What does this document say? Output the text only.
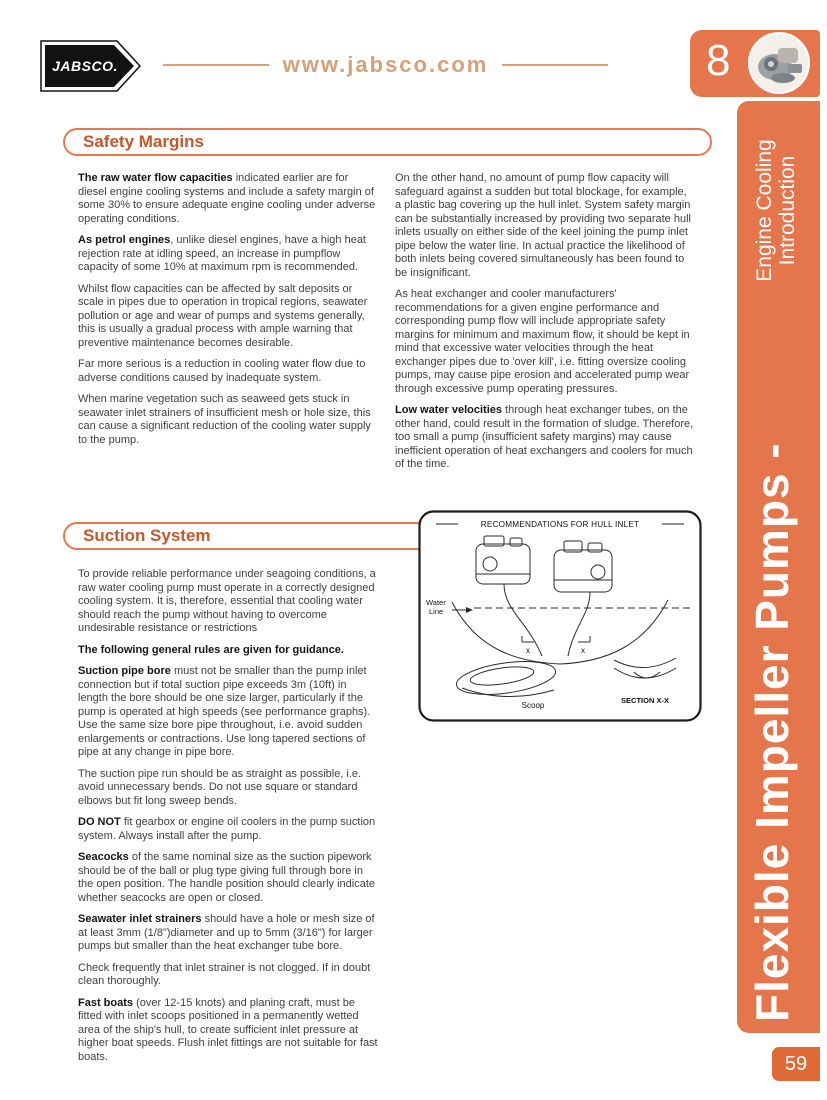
JABSCO.	www.jabsco.com	8
Engine Cooling Introduction
Flexible Impeller Pumps -
59
Safety Margins

The raw water flow capacities indicated earlier are for diesel engine cooling systems and include a safety margin of some 30% to ensure adequate engine cooling under adverse operating conditions.

As petrol engines, unlike diesel engines, have a high heat rejection rate at idling speed, an increase in pumpflow capacity of some 10% at maximum rpm is recommended.

Whilst flow capacities can be affected by salt deposits or scale in pipes due to operation in tropical regions, seawater pollution or age and wear of pumps and systems generally, this is usually a gradual process with ample warning that preventive maintenance becomes desirable.

Far more serious is a reduction in cooling water flow due to adverse conditions caused by inadequate system.

When marine vegetation such as seaweed gets stuck in seawater inlet strainers of insufficient mesh or hole size, this can cause a significant reduction of the cooling water supply to the pump.

On the other hand, no amount of pump flow capacity will safeguard against a sudden but total blockage, for example, a plastic bag covering up the hull inlet. System safety margin can be substantially increased by providing two separate hull inlets usually on either side of the keel joining the pump inlet pipe below the water line. In actual practice the likelihood of both inlets being covered simultaneously has been found to be insignificant.

As heat exchanger and cooler manufacturers' recommendations for a given engine performance and corresponding pump flow will include appropriate safety margins for minimum and maximum flow, it should be kept in mind that excessive water velocities through the heat exchanger pipes due to 'over kill', i.e. fitting oversize cooling pumps, may cause pipe erosion and accelerated pump wear through excessive pump operating pressures.

Low water velocities through heat exchanger tubes, on the other hand, could result in the formation of sludge. Therefore, too small a pump (insufficient safety margins) may cause inefficient operation of heat exchangers and coolers for much of the time.

Suction System

To provide reliable performance under seagoing conditions, a raw water cooling pump must operate in a correctly designed cooling system. It is, therefore, essential that cooling water should reach the pump without having to overcome undesirable resistance or restrictions

The following general rules are given for guidance.

Suction pipe bore must not be smaller than the pump inlet connection but if total suction pipe exceeds 3m (10ft) in length the bore should be one size larger, particularly if the pump is operated at high speeds (see performance graphs). Use the same size bore pipe throughout, i.e. avoid sudden enlargements or contractions. Use long tapered sections of pipe at any change in pipe bore.

The suction pipe run should be as straight as possible, i.e. avoid unnecessary bends. Do not use square or standard elbows but fit long sweep bends.

DO NOT fit gearbox or engine oil coolers in the pump suction system. Always install after the pump.

Seacocks of the same nominal size as the suction pipework should be of the ball or plug type giving full through bore in the open position. The handle position should clearly indicate whether seacocks are open or closed.

Seawater inlet strainers should have a hole or mesh size of at least 3mm (1/8")diameter and up to 5mm (3/16") for larger pumps but smaller than the heat exchanger tube bore.

Check frequently that inlet strainer is not clogged. If in doubt clean thoroughly.

Fast boats (over 12-15 knots) and planing craft, must be fitted with inlet scoops positioned in a permanently wetted area of the ship's hull, to create sufficient inlet pressure at higher boat speeds. Flush inlet fittings are not suitable for fast boats.

RECOMMENDATIONS FOR HULL INLET
Water
Line
x	x
Scoop
SECTION X-X
